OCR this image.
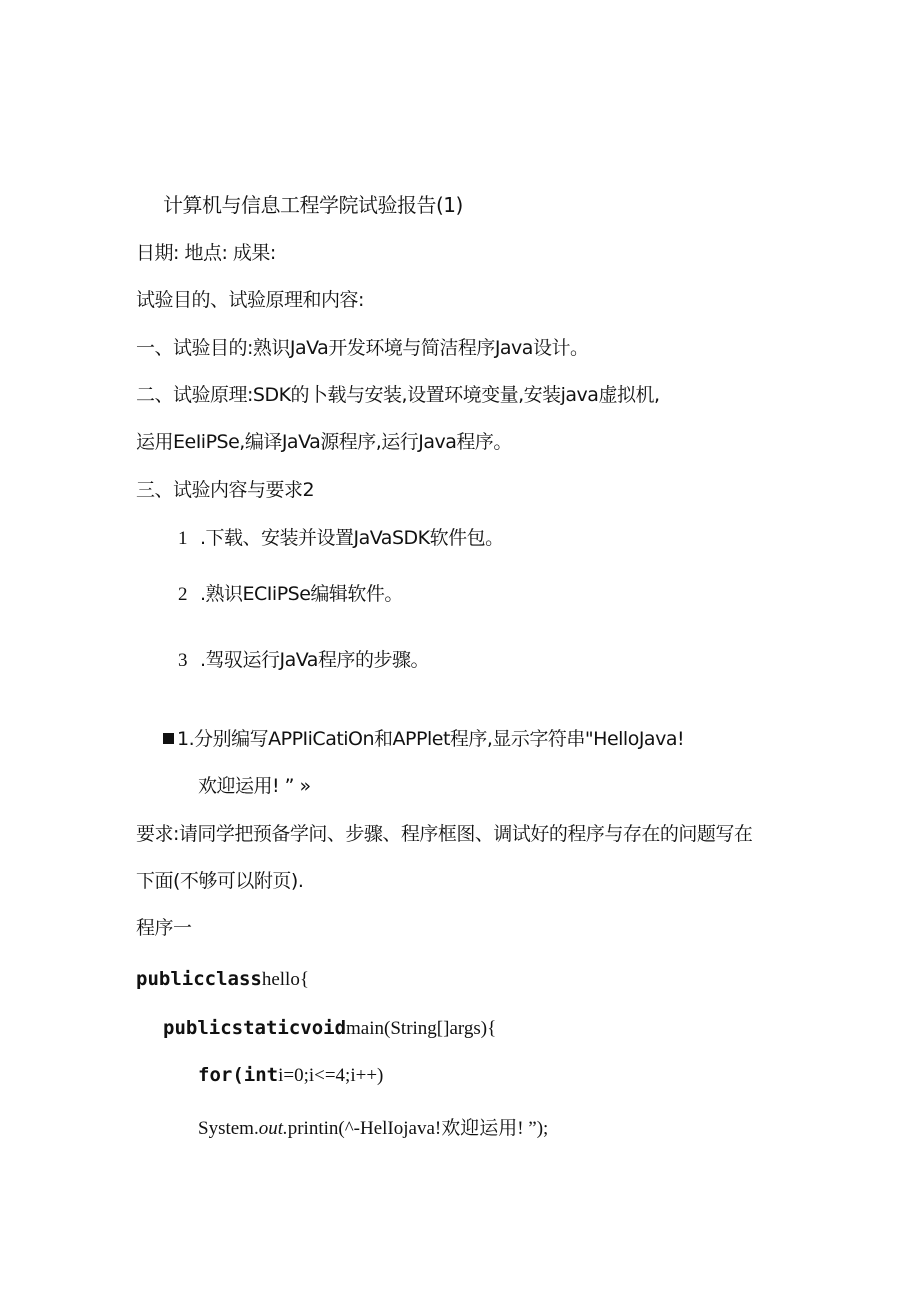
计算机与信息工程学院试验报告(1)
日期: 地点: 成果:
试验目的、试验原理和内容:
一、试验目的:熟识JaVa开发环境与简洁程序Java设计。
二、试验原理:SDK的卜载与安装,设置环境变量,安装java虚拟机,
运用EeIiPSe,编译JaVa源程序,运行Java程序。
三、试验内容与要求2
1 .下载、安装并设置JaVaSDK软件包。
2 .熟识ECIiPSe编辑软件。
3 .驾驭运行JaVa程序的步骤。
1.分别编写APPIiCatiOn和APPlet程序,显示字符串"HelloJava!
欢迎运用! ” »
要求:请同学把预备学问、步骤、程序框图、调试好的程序与存在的问题写在
下面(不够可以附页).
程序一
publicclasshello{
publicstaticvoidmain(String[]args){
for(inti=0;i<=4;i++)
System.out.printin(^-HelIojava!欢迎运用! ”);
